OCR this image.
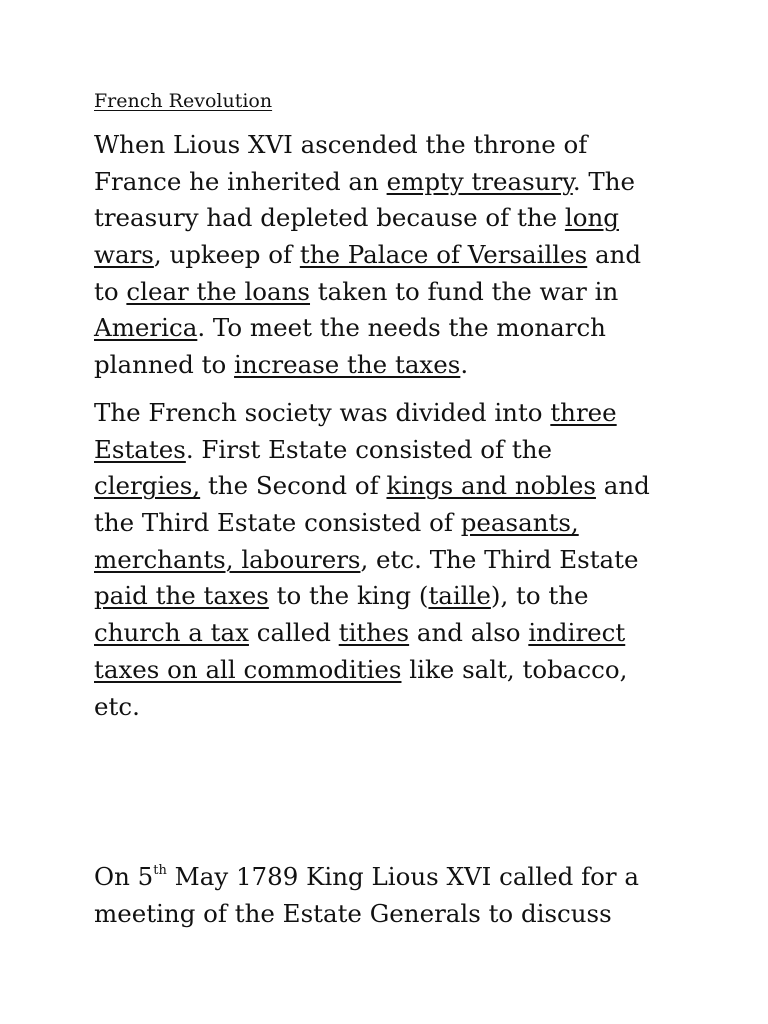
French Revolution
When Lious XVI ascended the throne of
France he inherited an empty treasury. The
treasury had depleted because of the long
wars, upkeep of the Palace of Versailles and
to clear the loans taken to fund the war in
America. To meet the needs the monarch
planned to increase the taxes.
The French society was divided into three
Estates. First Estate consisted of the
clergies, the Second of kings and nobles and
the Third Estate consisted of peasants,
merchants, labourers, etc. The Third Estate
paid the taxes to the king (taille), to the
church a tax called tithes and also indirect
taxes on all commodities like salt, tobacco,
etc.
On 5th May 1789 King Lious XVI called for a
meeting of the Estate Generals to discuss
